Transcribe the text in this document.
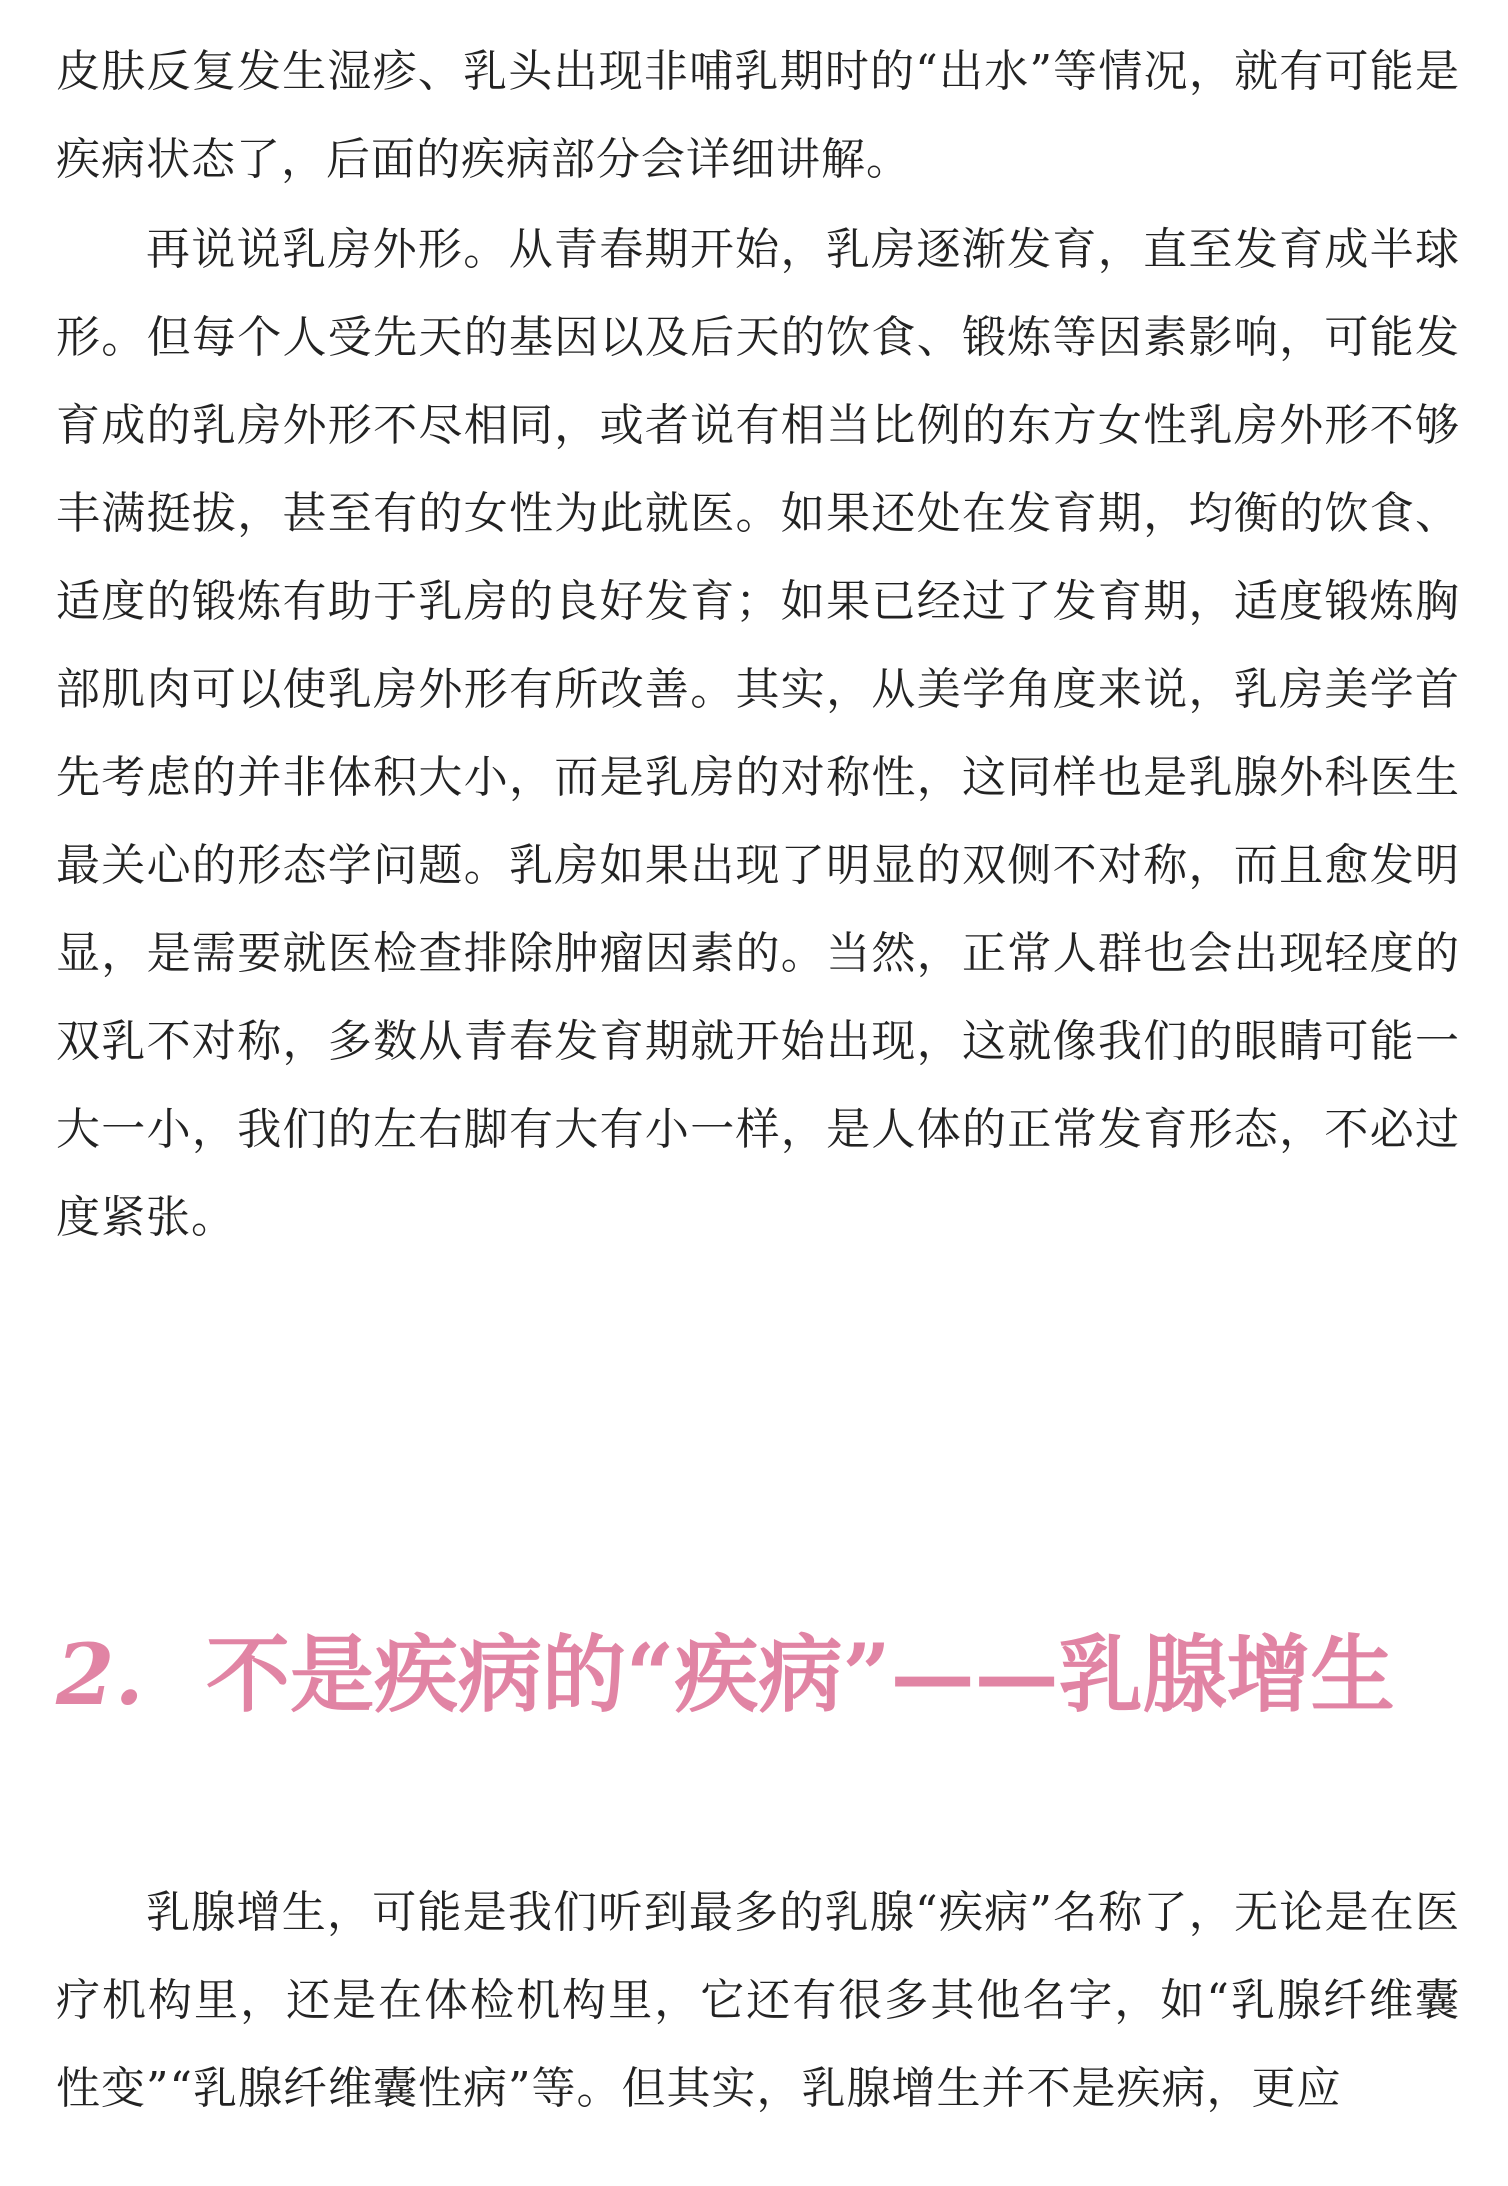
皮肤反复发生湿疹、乳头出现非哺乳期时的“出水”等情况，就有可能是疾病状态了，后面的疾病部分会详细讲解。

再说说乳房外形。从青春期开始，乳房逐渐发育，直至发育成半球形。但每个人受先天的基因以及后天的饮食、锻炼等因素影响，可能发育成的乳房外形不尽相同，或者说有相当比例的东方女性乳房外形不够丰满挺拔，甚至有的女性为此就医。如果还处在发育期，均衡的饮食、适度的锻炼有助于乳房的良好发育；如果已经过了发育期，适度锻炼胸部肌肉可以使乳房外形有所改善。其实，从美学角度来说，乳房美学首先考虑的并非体积大小，而是乳房的对称性，这同样也是乳腺外科医生最关心的形态学问题。乳房如果出现了明显的双侧不对称，而且愈发明显，是需要就医检查排除肿瘤因素的。当然，正常人群也会出现轻度的双乳不对称，多数从青春发育期就开始出现，这就像我们的眼睛可能一大一小，我们的左右脚有大有小一样，是人体的正常发育形态，不必过度紧张。

2. 不是疾病的“疾病”——乳腺增生

乳腺增生，可能是我们听到最多的乳腺“疾病”名称了，无论是在医疗机构里，还是在体检机构里，它还有很多其他名字，如“乳腺纤维囊性变”“乳腺纤维囊性病”等。但其实，乳腺增生并不是疾病，更应
